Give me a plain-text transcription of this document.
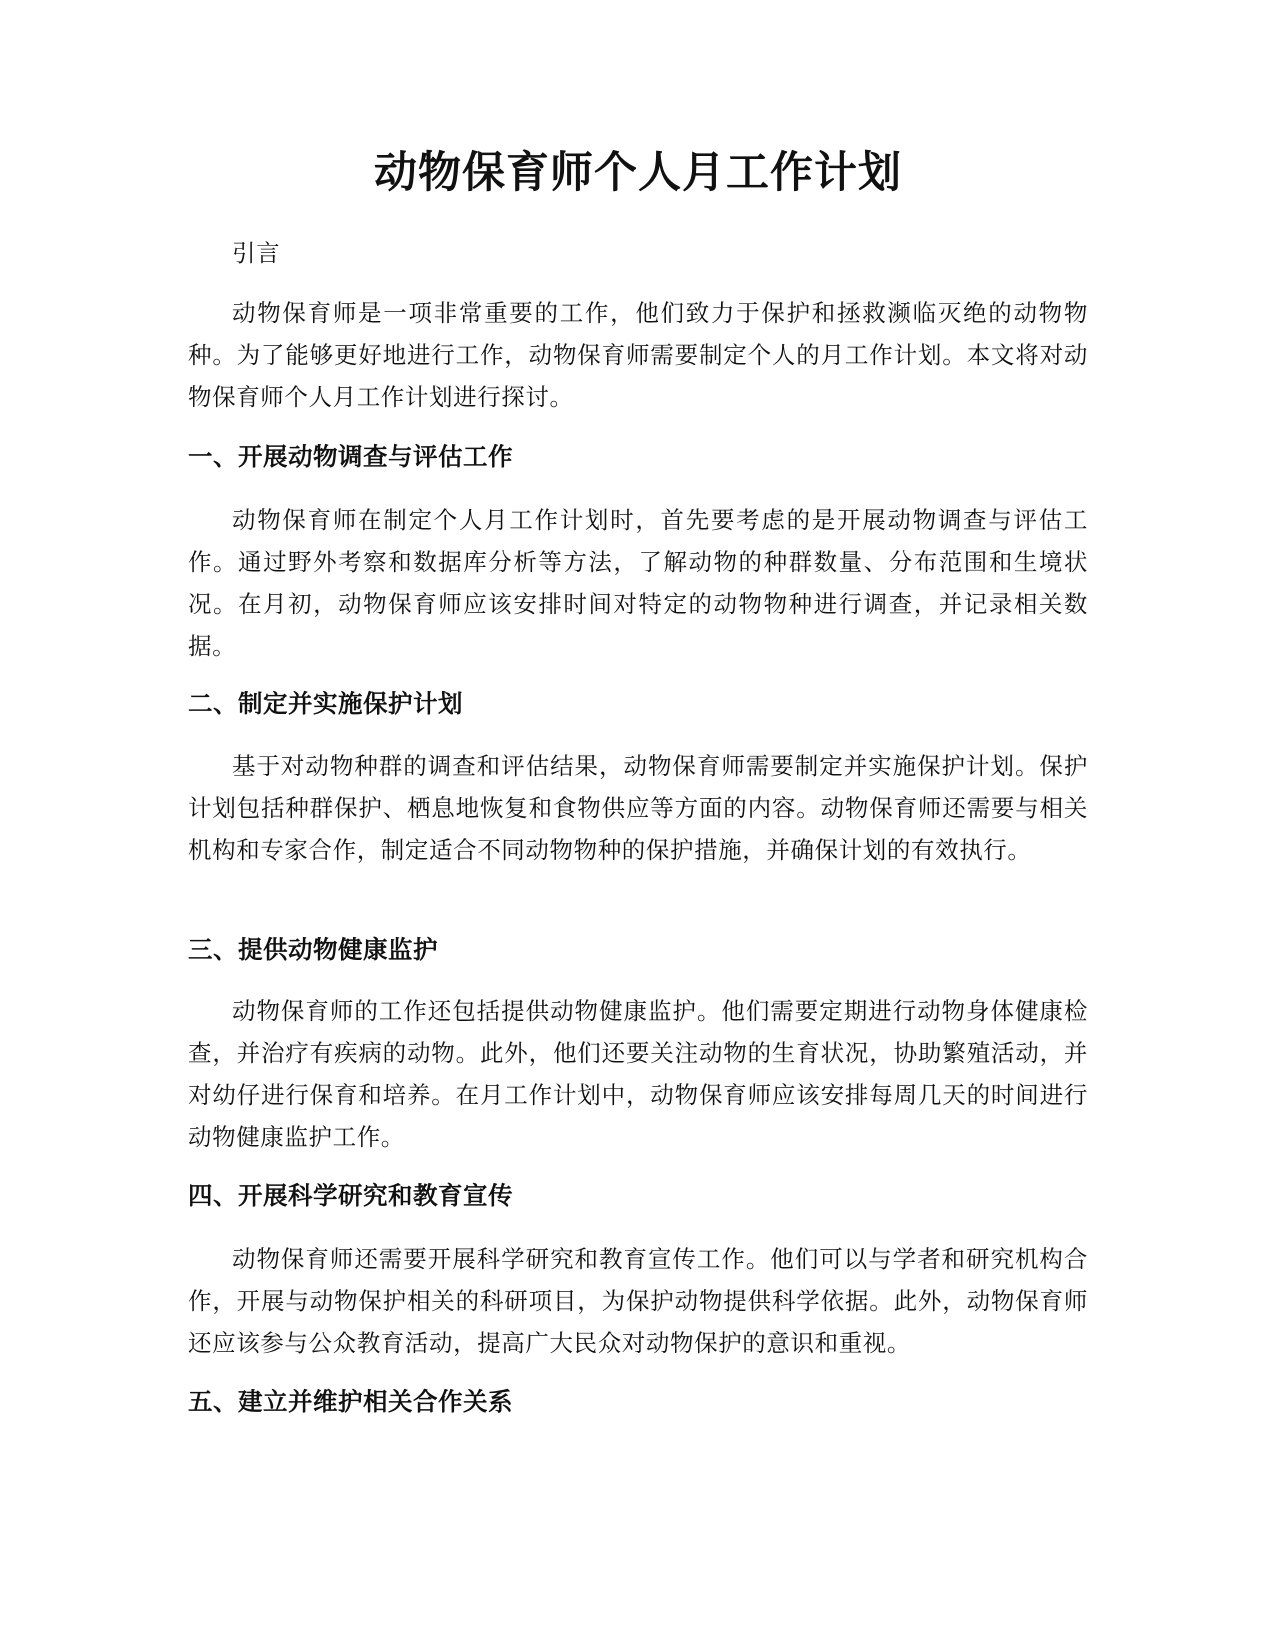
动物保育师个人月工作计划

引言

动物保育师是一项非常重要的工作，他们致力于保护和拯救濒临灭绝的动物物种。为了能够更好地进行工作，动物保育师需要制定个人的月工作计划。本文将对动物保育师个人月工作计划进行探讨。

一、开展动物调查与评估工作

动物保育师在制定个人月工作计划时，首先要考虑的是开展动物调查与评估工作。通过野外考察和数据库分析等方法，了解动物的种群数量、分布范围和生境状况。在月初，动物保育师应该安排时间对特定的动物物种进行调查，并记录相关数据。

二、制定并实施保护计划

基于对动物种群的调查和评估结果，动物保育师需要制定并实施保护计划。保护计划包括种群保护、栖息地恢复和食物供应等方面的内容。动物保育师还需要与相关机构和专家合作，制定适合不同动物物种的保护措施，并确保计划的有效执行。

三、提供动物健康监护

动物保育师的工作还包括提供动物健康监护。他们需要定期进行动物身体健康检查，并治疗有疾病的动物。此外，他们还要关注动物的生育状况，协助繁殖活动，并对幼仔进行保育和培养。在月工作计划中，动物保育师应该安排每周几天的时间进行动物健康监护工作。

四、开展科学研究和教育宣传

动物保育师还需要开展科学研究和教育宣传工作。他们可以与学者和研究机构合作，开展与动物保护相关的科研项目，为保护动物提供科学依据。此外，动物保育师还应该参与公众教育活动，提高广大民众对动物保护的意识和重视。

五、建立并维护相关合作关系
